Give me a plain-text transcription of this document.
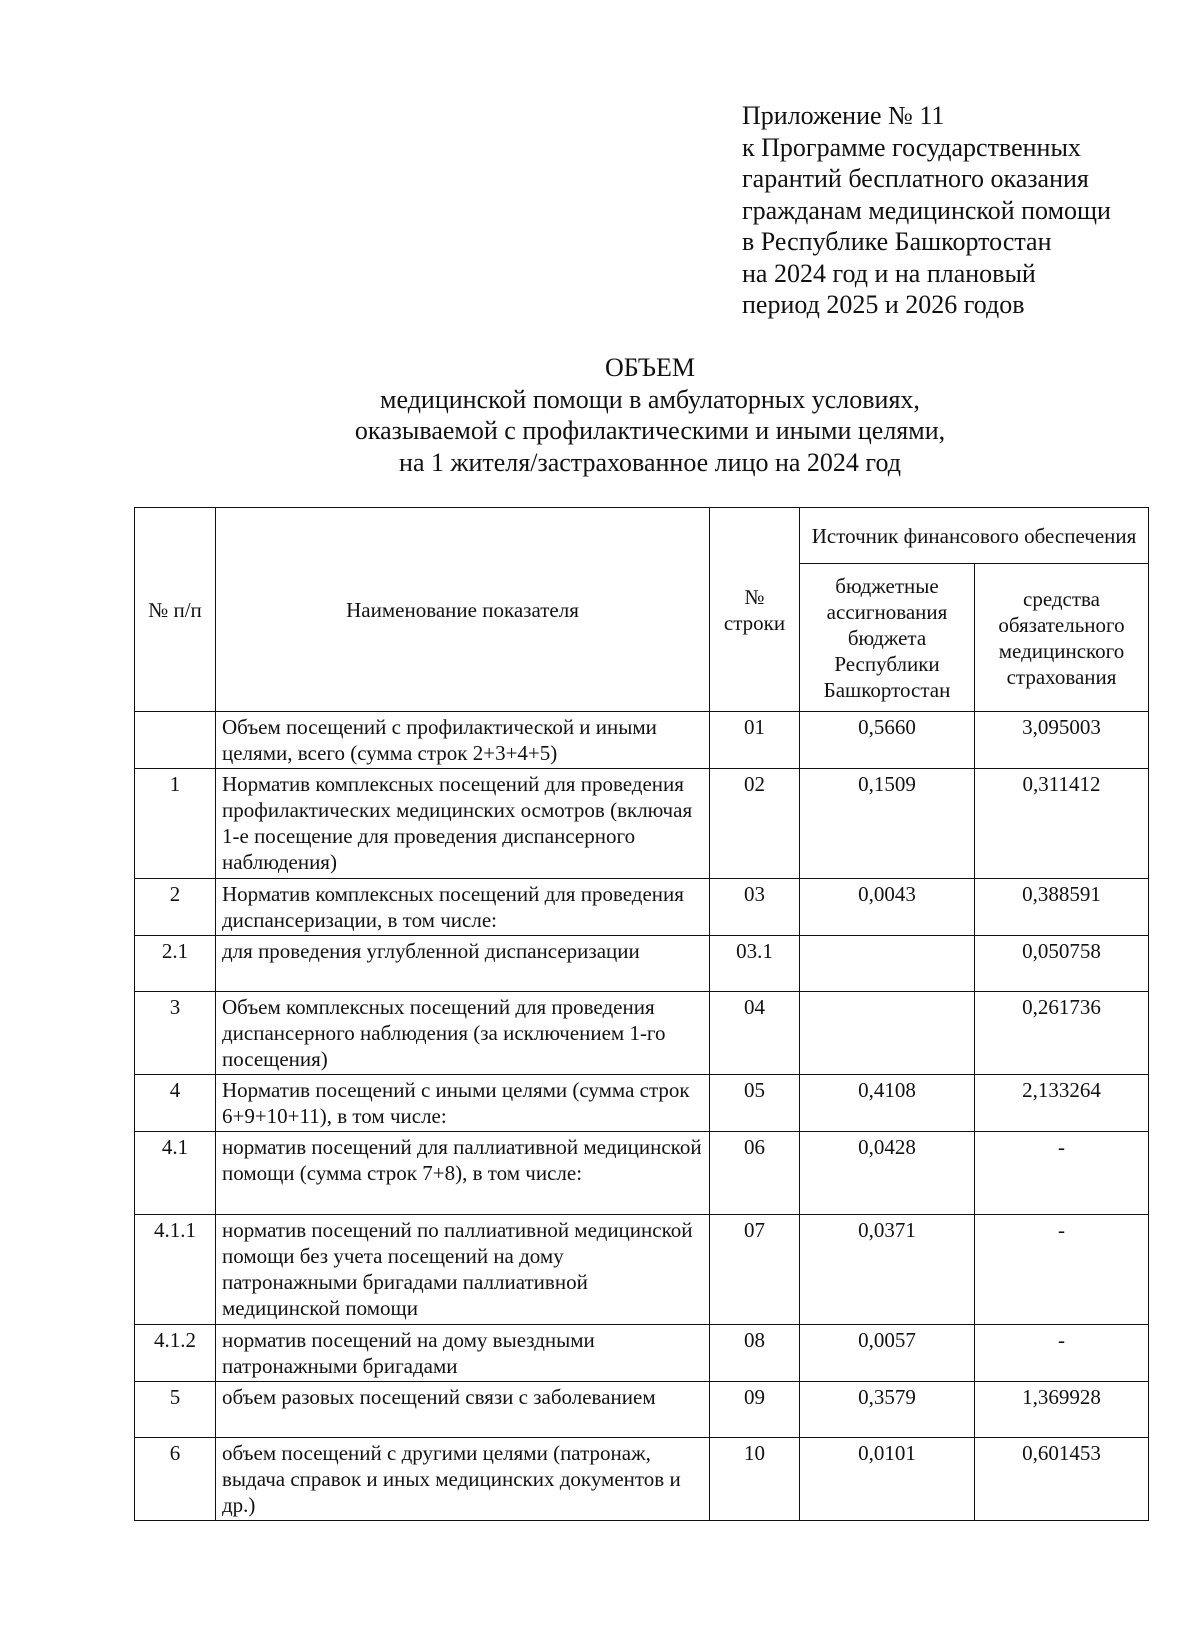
Приложение № 11
к Программе государственных
гарантий бесплатного оказания
гражданам медицинской помощи
в Республике Башкортостан
на 2024 год и на плановый
период 2025 и 2026 годов
ОБЪЕМ
медицинской помощи в амбулаторных условиях,
оказываемой с профилактическими и иными целями,
на 1 жителя/застрахованное лицо на 2024 год
№ п/п	Наименование показателя	№ строки	Источник финансового обеспечения	
			бюджетные ассигнования бюджета Республики Башкортостан	средства обязательного медицинского страхования
	Объем посещений с профилактической и иными целями, всего (сумма строк 2+3+4+5)	01	0,5660	3,095003
1	Норматив комплексных посещений для проведения профилактических медицинских осмотров (включая 1-е посещение для проведения диспансерного наблюдения)	02	0,1509	0,311412
2	Норматив комплексных посещений для проведения диспансеризации, в том числе:	03	0,0043	0,388591
2.1	для проведения углубленной диспансеризации	03.1		0,050758
3	Объем комплексных посещений для проведения диспансерного наблюдения (за исключением 1-го посещения)	04		0,261736
4	Норматив посещений с иными целями (сумма строк 6+9+10+11), в том числе:	05	0,4108	2,133264
4.1	норматив посещений для паллиативной медицинской помощи (сумма строк 7+8), в том числе:	06	0,0428	-
4.1.1	норматив посещений по паллиативной медицинской помощи без учета посещений на дому патронажными бригадами паллиативной медицинской помощи	07	0,0371	-
4.1.2	норматив посещений на дому выездными патронажными бригадами	08	0,0057	-
5	объем разовых посещений связи с заболеванием	09	0,3579	1,369928
6	объем посещений с другими целями (патронаж, выдача справок и иных медицинских документов и др.)	10	0,0101	0,601453
